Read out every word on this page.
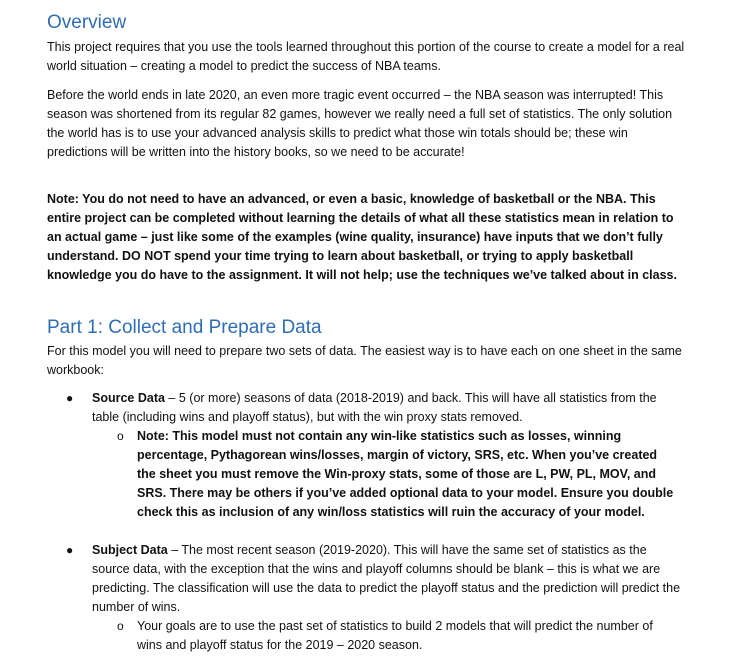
Overview

This project requires that you use the tools learned throughout this portion of the course to create a model for a real world situation – creating a model to predict the success of NBA teams.

Before the world ends in late 2020, an even more tragic event occurred – the NBA season was interrupted! This season was shortened from its regular 82 games, however we really need a full set of statistics. The only solution the world has is to use your advanced analysis skills to predict what those win totals should be; these win predictions will be written into the history books, so we need to be accurate!

Note: You do not need to have an advanced, or even a basic, knowledge of basketball or the NBA. This entire project can be completed without learning the details of what all these statistics mean in relation to an actual game – just like some of the examples (wine quality, insurance) have inputs that we don’t fully understand. DO NOT spend your time trying to learn about basketball, or trying to apply basketball knowledge you do have to the assignment. It will not help; use the techniques we’ve talked about in class.

Part 1: Collect and Prepare Data

For this model you will need to prepare two sets of data. The easiest way is to have each on one sheet in the same workbook:

● Source Data – 5 (or more) seasons of data (2018-2019) and back. This will have all statistics from the table (including wins and playoff status), but with the win proxy stats removed.
o Note: This model must not contain any win-like statistics such as losses, winning percentage, Pythagorean wins/losses, margin of victory, SRS, etc. When you’ve created the sheet you must remove the Win-proxy stats, some of those are L, PW, PL, MOV, and SRS. There may be others if you’ve added optional data to your model. Ensure you double check this as inclusion of any win/loss statistics will ruin the accuracy of your model.
● Subject Data – The most recent season (2019-2020). This will have the same set of statistics as the source data, with the exception that the wins and playoff columns should be blank – this is what we are predicting. The classification will use the data to predict the playoff status and the prediction will predict the number of wins.
o Your goals are to use the past set of statistics to build 2 models that will predict the number of wins and playoff status for the 2019 – 2020 season.
